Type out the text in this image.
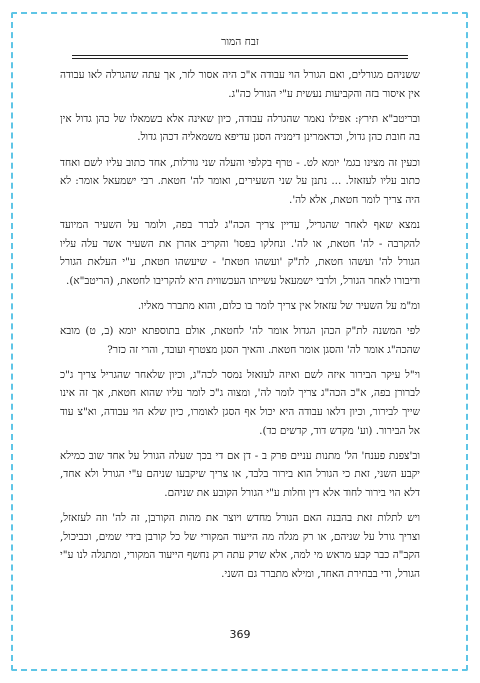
זבח המור

ששניהם מגורלים, ואם הגורל הוי עבודה א"כ היה אסור לזר, אך עתה שהגרלה לאו עבודה אין איסור בזה והקביעות נעשית ע"י הגורל כה"ג.

ובריטב"א תירץ: אפילו נאמר שהגרלה עבודה, כיון שאינה אלא בשמאלו של כהן גדול אין בה חובת כהן גדול, וכדאמרינן דימניה הסגן עדיפא משמאליה דכהן גדול.

וכעין זה מצינו בגמ' יומא לט. - טרף בקלפי והעלה שני גורלות, אחד כתוב עליו לשם ואחד כתוב עליו לעזאזל. ... נתנן על שני השעירים, ואומר לה' חטאת. רבי ישמעאל אומר: לא היה צריך לומר חטאת, אלא לה'.

נמצא שאף לאחר שהגריל, עדיין צריך הכה"ג לברר בפה, ולומר על השעיר המיועד להקרבה - לה' חטאת, או לה'. ונחלקו בפסו' והקריב אהרן את השעיר אשר עלה עליו הגורל לה' ועשהו חטאת, לת"ק 'ועשהו חטאת' - שיעשהו חטאת, ע"י העלאת הגורל ודיבורו לאחר הגורל, ולרבי ישמעאל עשייתו העכשווית היא להקריבו לחטאת, (הריטב"א).

ומ"מ על השעיר של עזאזל אין צריך לומר בו כלום, והוא מתברר מאליו.

לפי המשנה לת"ק הכהן הגדול אומר לה' לחטאת, אולם בתוספתא יומא (ב, ט) מובא שהכה"ג אומר לה' והסגן אומר חטאת. והאיך הסגן מצטרף ועובד, והרי זה כזר?

וי"ל עיקר הבירור איזה לשם ואיזה לעזאזל נמסר לכה"ג, וכיון שלאחר שהגריל צריך ג"כ לברורן בפה, א"כ הכה"ג צריך לומר לה', ומצוה ג"כ לומר עליו שהוא חטאת, אך זה אינו שייך לבירור, וכיון דלאו עבודה היא יכול אף הסגן לאומרו, כיון שלא הוי עבודה, וא"צ עוד אל הבירור. (וע' מקדש דוד, קדשים כד).

וב'צפנת פענח' הל' מתנות עניים פרק ב - דן אם די בכך שעלה הגורל על אחד שוב כמילא יקבע השני, זאת כי הגורל הוא בירור בלבד, או צריך שיקבעו שניהם ע"י הגורל ולא אחד, דלא הוי בירור לחוד אלא דין וחלות ע"י הגורל הקובע את שניהם.

ויש לתלות זאת בהבנה האם הגורל מחדש ויוצר את מהות הקורבן, זה לה' וזה לעזאזל, וצריך גורל על שניהם, או רק מגלה מה הייעוד המקורי של כל קורבן בידי שמים, וכביכול, הקב"ה כבר קבע מראש מי למה, אלא שרק עתה רק נחשף הייעוד המקורי, ומתגלה לנו ע"י הגורל, ודי בבחירת האחד, ומילא מתברר גם השני.

369
